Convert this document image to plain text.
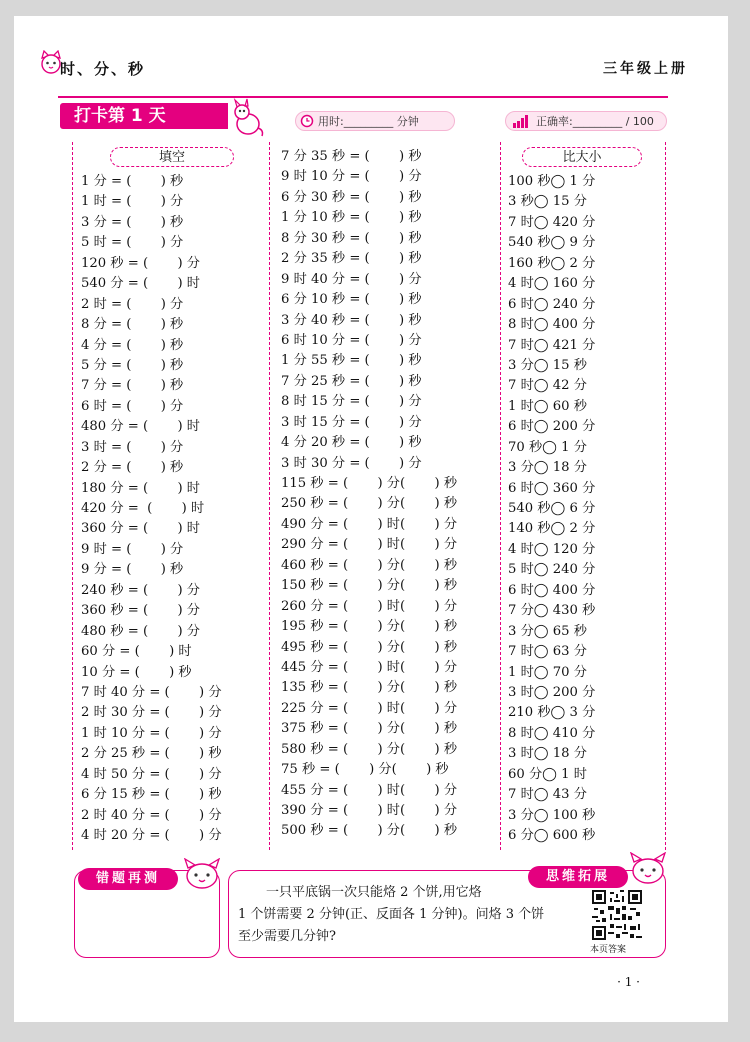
时、分、秒	三年级上册
打卡第 1 天	用时:_________ 分钟	正确率:_________ / 100
填空	比大小
1 分 = (       ) 秒
1 时 = (       ) 分
3 分 = (       ) 秒
5 时 = (       ) 分
120 秒 = (       ) 分
540 分 = (       ) 时
2 时 = (       ) 分
8 分 = (       ) 秒
4 分 = (       ) 秒
5 分 = (       ) 秒
7 分 = (       ) 秒
6 时 = (       ) 分
480 分 = (       ) 时
3 时 = (       ) 分
2 分 = (       ) 秒
180 分 = (       ) 时
420 分 =  (       ) 时
360 分 = (       ) 时
9 时 = (       ) 分
9 分 = (       ) 秒
240 秒 = (       ) 分
360 秒 = (       ) 分
480 秒 = (       ) 分
60 分 = (       ) 时
10 分 = (       ) 秒
7 时 40 分 = (       ) 分
2 时 30 分 = (       ) 分
1 时 10 分 = (       ) 分
2 分 25 秒 = (       ) 秒
4 时 50 分 = (       ) 分
6 分 15 秒 = (       ) 秒
2 时 40 分 = (       ) 分
4 时 20 分 = (       ) 分
7 分 35 秒 = (       ) 秒
9 时 10 分 = (       ) 分
6 分 30 秒 = (       ) 秒
1 分 10 秒 = (       ) 秒
8 分 30 秒 = (       ) 秒
2 分 35 秒 = (       ) 秒
9 时 40 分 = (       ) 分
6 分 10 秒 = (       ) 秒
3 分 40 秒 = (       ) 秒
6 时 10 分 = (       ) 分
1 分 55 秒 = (       ) 秒
7 分 25 秒 = (       ) 秒
8 时 15 分 = (       ) 分
3 时 15 分 = (       ) 分
4 分 20 秒 = (       ) 秒
3 时 30 分 = (       ) 分
115 秒 = (       ) 分(       ) 秒
250 秒 = (       ) 分(       ) 秒
490 分 = (       ) 时(       ) 分
290 分 = (       ) 时(       ) 分
460 秒 = (       ) 分(       ) 秒
150 秒 = (       ) 分(       ) 秒
260 分 = (       ) 时(       ) 分
195 秒 = (       ) 分(       ) 秒
495 秒 = (       ) 分(       ) 秒
445 分 = (       ) 时(       ) 分
135 秒 = (       ) 分(       ) 秒
225 分 = (       ) 时(       ) 分
375 秒 = (       ) 分(       ) 秒
580 秒 = (       ) 分(       ) 秒
75 秒 = (       ) 分(       ) 秒
455 分 = (       ) 时(       ) 分
390 分 = (       ) 时(       ) 分
500 秒 = (       ) 分(       ) 秒
100 秒◯ 1 分
3 秒◯ 15 分
7 时◯ 420 分
540 秒◯ 9 分
160 秒◯ 2 分
4 时◯ 160 分
6 时◯ 240 分
8 时◯ 400 分
7 时◯ 421 分
3 分◯ 15 秒
7 时◯ 42 分
1 时◯ 60 秒
6 时◯ 200 分
70 秒◯ 1 分
3 分◯ 18 分
6 时◯ 360 分
540 秒◯ 6 分
140 秒◯ 2 分
4 时◯ 120 分
5 时◯ 240 分
6 时◯ 400 分
7 分◯ 430 秒
3 分◯ 65 秒
7 时◯ 63 分
1 时◯ 70 分
3 时◯ 200 分
210 秒◯ 3 分
8 时◯ 410 分
3 时◯ 18 分
60 分◯ 1 时
7 时◯ 43 分
3 分◯ 100 秒
6 分◯ 600 秒
错题再测	思维拓展
一只平底锅一次只能烙 2 个饼,用它烙
1 个饼需要 2 分钟(正、反面各 1 分钟)。问烙 3 个饼
至少需要几分钟?
本页答案
· 1 ·
